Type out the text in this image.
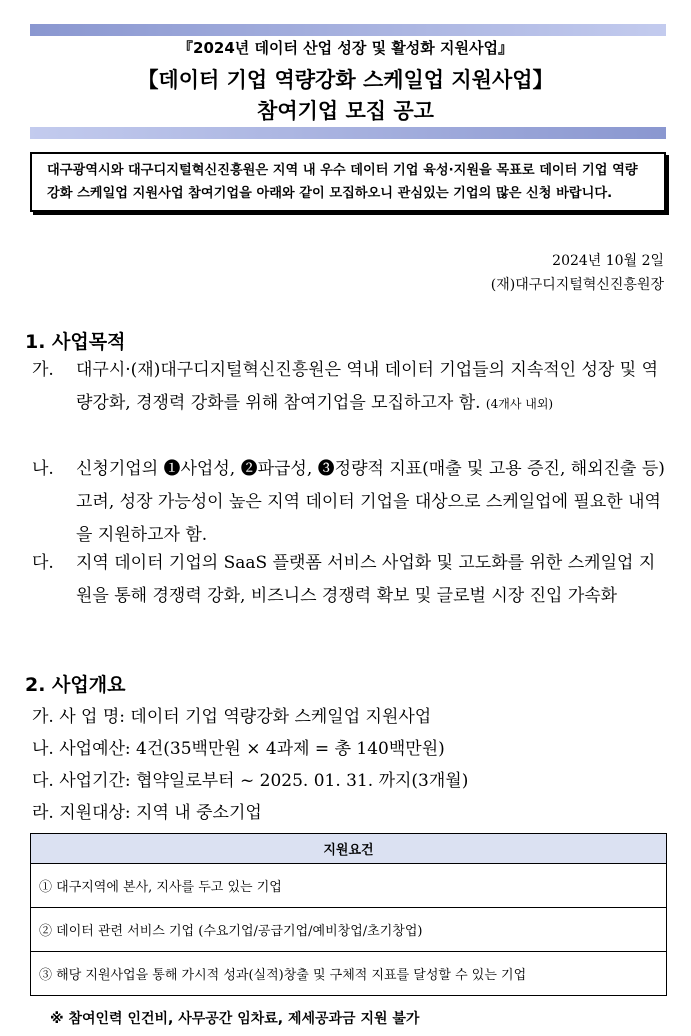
『2024년 데이터 산업 성장 및 활성화 지원사업』
【데이터 기업 역량강화 스케일업 지원사업】
참여기업 모집 공고
대구광역시와 대구디지털혁신진흥원은 지역 내 우수 데이터 기업 육성·지원을 목표로 데이터 기업 역량강화 스케일업 지원사업 참여기업을 아래와 같이 모집하오니 관심있는 기업의 많은 신청 바랍니다.
2024년 10월 2일
(재)대구디지털혁신진흥원장
1. 사업목적
가. 대구시·(재)대구디지털혁신진흥원은 역내 데이터 기업들의 지속적인 성장 및 역량강화, 경쟁력 강화를 위해 참여기업을 모집하고자 함. (4개사 내외)
나. 신청기업의 ❶사업성, ❷파급성, ❸정량적 지표(매출 및 고용 증진, 해외진출 등) 고려, 성장 가능성이 높은 지역 데이터 기업을 대상으로 스케일업에 필요한 내역을 지원하고자 함.
다. 지역 데이터 기업의 SaaS 플랫폼 서비스 사업화 및 고도화를 위한 스케일업 지원을 통해 경쟁력 강화, 비즈니스 경쟁력 확보 및 글로벌 시장 진입 가속화
2. 사업개요
가. 사 업 명: 데이터 기업 역량강화 스케일업 지원사업
나. 사업예산: 4건(35백만원 × 4과제 = 총 140백만원)
다. 사업기간: 협약일로부터 ~ 2025. 01. 31. 까지(3개월)
라. 지원대상: 지역 내 중소기업
지원요건
① 대구지역에 본사, 지사를 두고 있는 기업
② 데이터 관련 서비스 기업 (수요기업/공급기업/예비창업/초기창업)
③ 해당 지원사업을 통해 가시적 성과(실적)창출 및 구체적 지표를 달성할 수 있는 기업
※ 참여인력 인건비, 사무공간 임차료, 제세공과금 지원 불가
